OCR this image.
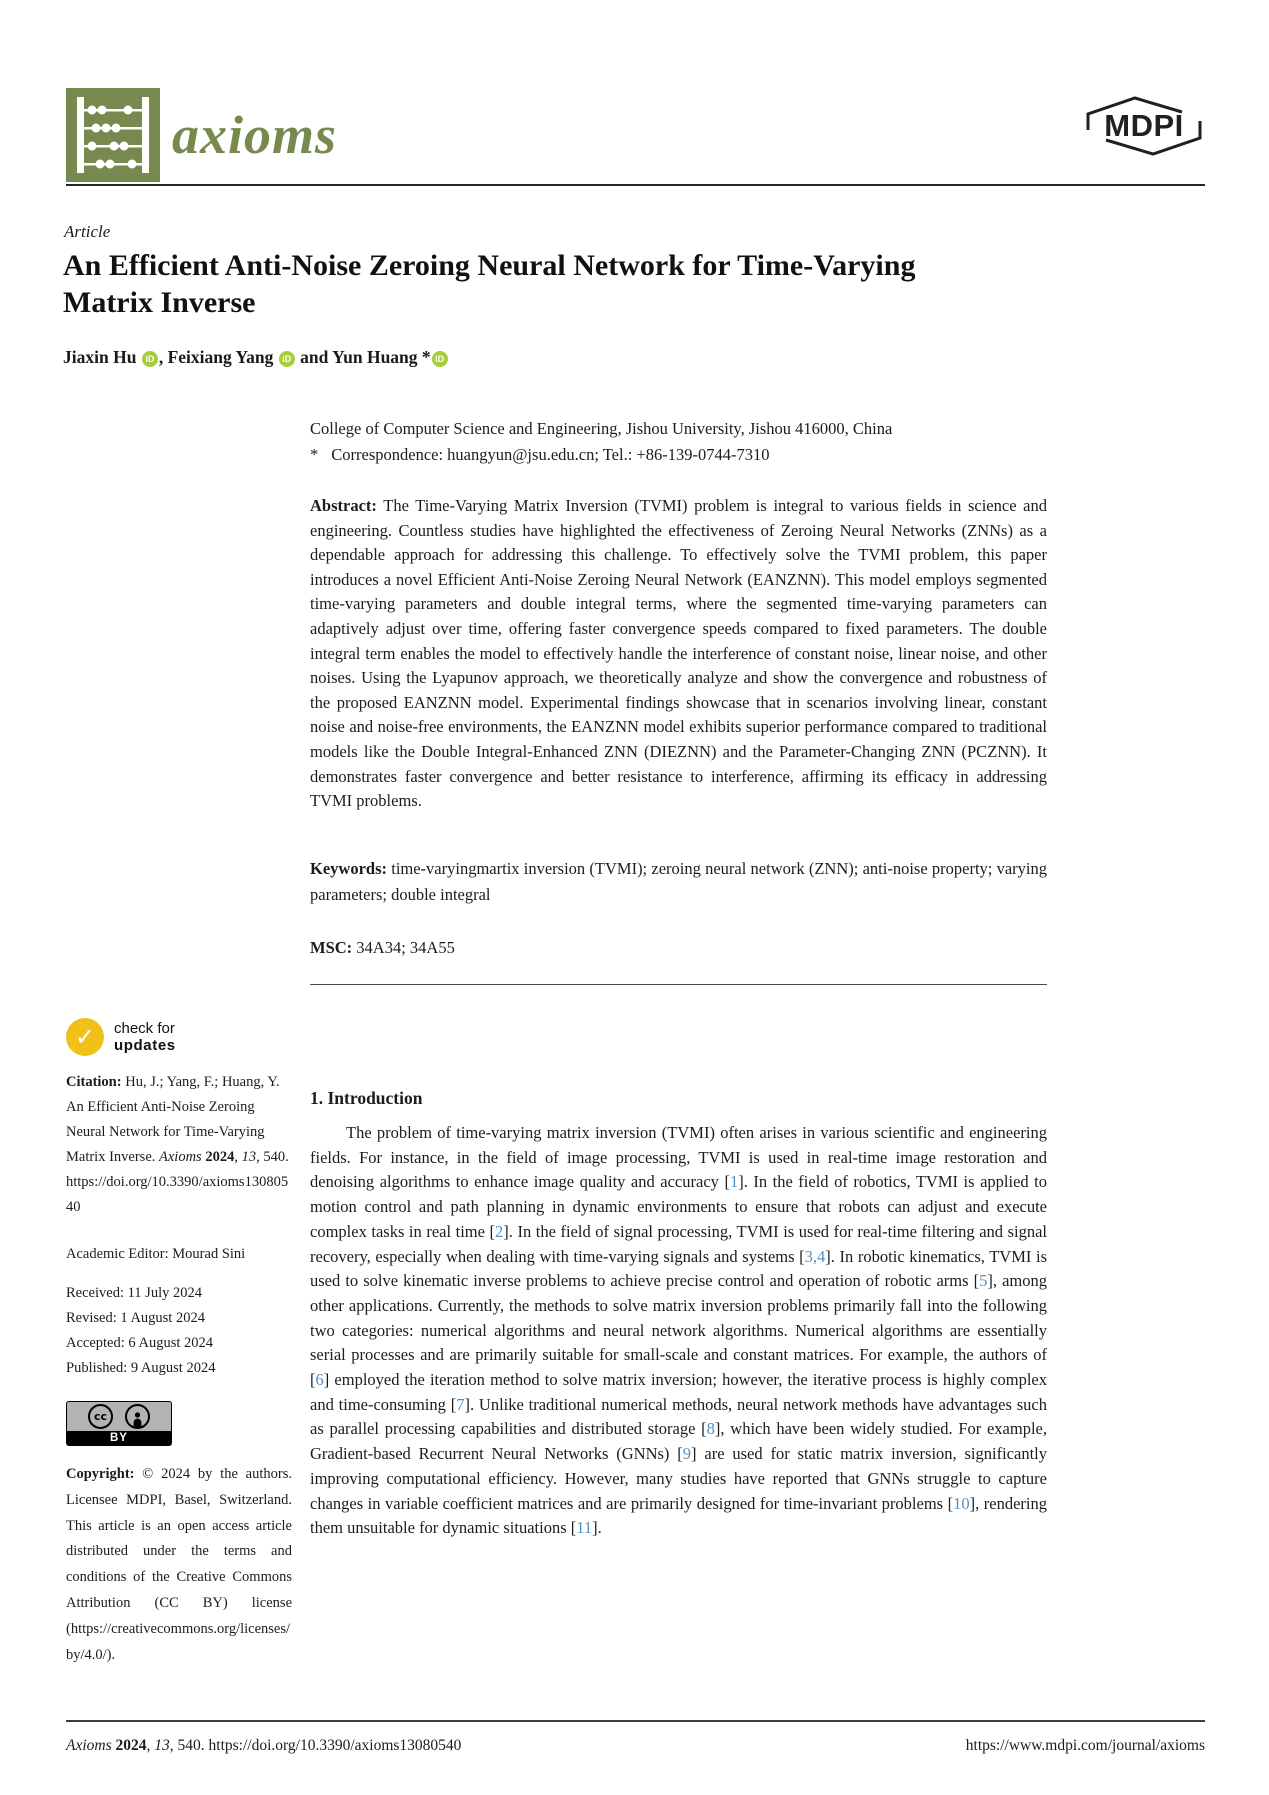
axioms	MDPI
Article
An Efficient Anti-Noise Zeroing Neural Network for Time-Varying Matrix Inverse
Jiaxin Hu iD , Feixiang Yang iD and Yun Huang * iD
College of Computer Science and Engineering, Jishou University, Jishou 416000, China
* Correspondence: huangyun@jsu.edu.cn; Tel.: +86-139-0744-7310

Abstract: The Time-Varying Matrix Inversion (TVMI) problem is integral to various fields in science and engineering. Countless studies have highlighted the effectiveness of Zeroing Neural Networks (ZNNs) as a dependable approach for addressing this challenge. To effectively solve the TVMI problem, this paper introduces a novel Efficient Anti-Noise Zeroing Neural Network (EANZNN). This model employs segmented time-varying parameters and double integral terms, where the segmented time-varying parameters can adaptively adjust over time, offering faster convergence speeds compared to fixed parameters. The double integral term enables the model to effectively handle the interference of constant noise, linear noise, and other noises. Using the Lyapunov approach, we theoretically analyze and show the convergence and robustness of the proposed EANZNN model. Experimental findings showcase that in scenarios involving linear, constant noise and noise-free environments, the EANZNN model exhibits superior performance compared to traditional models like the Double Integral-Enhanced ZNN (DIEZNN) and the Parameter-Changing ZNN (PCZNN). It demonstrates faster convergence and better resistance to interference, affirming its efficacy in addressing TVMI problems.

Keywords: time-varyingmartix inversion (TVMI); zeroing neural network (ZNN); anti-noise property; varying parameters; double integral

MSC: 34A34; 34A55

1. Introduction

The problem of time-varying matrix inversion (TVMI) often arises in various scientific and engineering fields. For instance, in the field of image processing, TVMI is used in real-time image restoration and denoising algorithms to enhance image quality and accuracy [1]. In the field of robotics, TVMI is applied to motion control and path planning in dynamic environments to ensure that robots can adjust and execute complex tasks in real time [2]. In the field of signal processing, TVMI is used for real-time filtering and signal recovery, especially when dealing with time-varying signals and systems [3,4]. In robotic kinematics, TVMI is used to solve kinematic inverse problems to achieve precise control and operation of robotic arms [5], among other applications. Currently, the methods to solve matrix inversion problems primarily fall into the following two categories: numerical algorithms and neural network algorithms. Numerical algorithms are essentially serial processes and are primarily suitable for small-scale and constant matrices. For example, the authors of [6] employed the iteration method to solve matrix inversion; however, the iterative process is highly complex and time-consuming [7]. Unlike traditional numerical methods, neural network methods have advantages such as parallel processing capabilities and distributed storage [8], which have been widely studied. For example, Gradient-based Recurrent Neural Networks (GNNs) [9] are used for static matrix inversion, significantly improving computational efficiency. However, many studies have reported that GNNs struggle to capture changes in variable coefficient matrices and are primarily designed for time-invariant problems [10], rendering them unsuitable for dynamic situations [11].

✓	check for
updates
Citation: Hu, J.; Yang, F.; Huang, Y. An Efficient Anti-Noise Zeroing Neural Network for Time-Varying Matrix Inverse. Axioms 2024, 13, 540. https://doi.org/10.3390/axioms13080540
Academic Editor: Mourad Sini
Received: 11 July 2024
Revised: 1 August 2024
Accepted: 6 August 2024
Published: 9 August 2024
cc
BY
Copyright: © 2024 by the authors. Licensee MDPI, Basel, Switzerland. This article is an open access article distributed under the terms and conditions of the Creative Commons Attribution (CC BY) license (https://creativecommons.org/licenses/by/4.0/).
Axioms 2024, 13, 540. https://doi.org/10.3390/axioms13080540	https://www.mdpi.com/journal/axioms
